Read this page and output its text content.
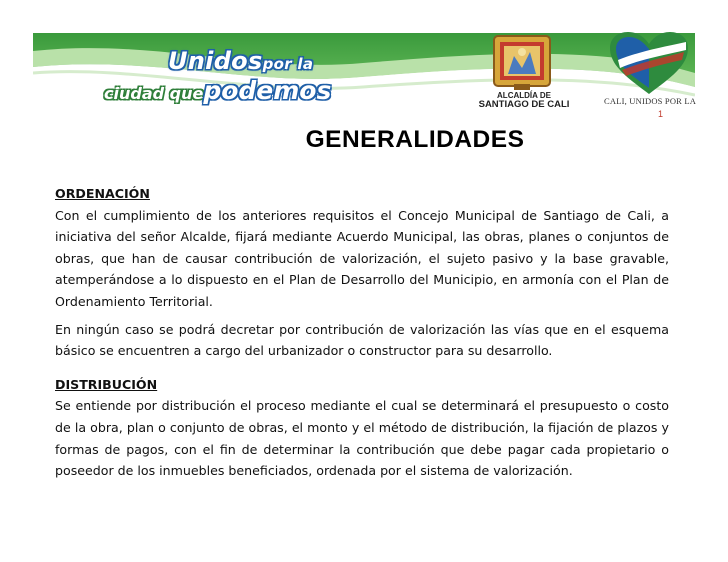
Unidospor la
ciudad quepodemos	ALCALDÍA DE
SANTIAGO DE CALI	CALI, UNIDOS POR LA
1
GENERALIDADES
ORDENACIÓN

Con el cumplimiento de los anteriores requisitos el Concejo Municipal de Santiago de Cali, a iniciativa del señor Alcalde, fijará mediante Acuerdo Municipal, las obras, planes o conjuntos de obras, que han de causar contribución de valorización, el sujeto pasivo y la base gravable, atemperándose a lo dispuesto en el Plan de Desarrollo del Municipio, en armonía con el Plan de Ordenamiento Territorial.

En ningún caso se podrá decretar por contribución de valorización las vías que en el esquema básico se encuentren a cargo del urbanizador o constructor para su desarrollo.

DISTRIBUCIÓN

Se entiende por distribución el proceso mediante el cual se determinará el presupuesto o costo de la obra, plan o conjunto de obras, el monto y el método de distribución, la fijación de plazos y formas de pagos, con el fin de determinar la contribución que debe pagar cada propietario o poseedor de los inmuebles beneficiados, ordenada por el sistema de valorización.
